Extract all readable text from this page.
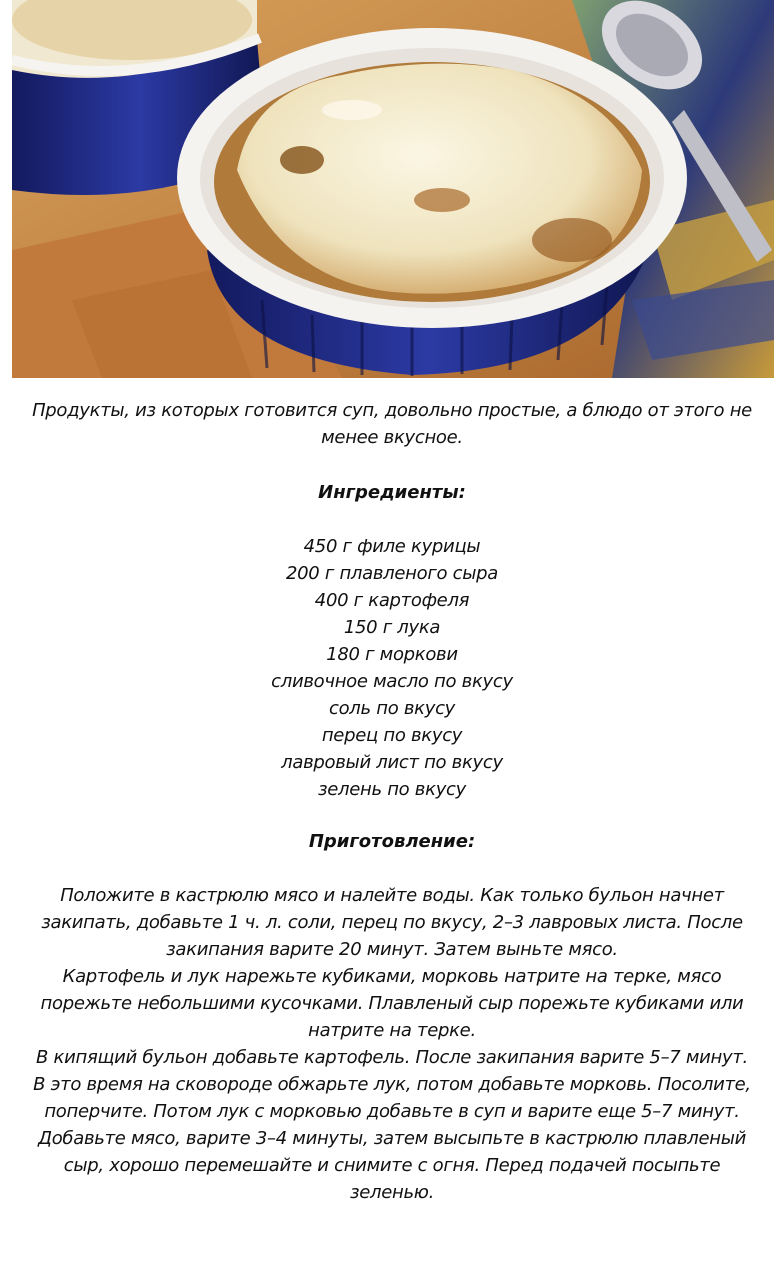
Продукты, из которых готовится суп, довольно простые, а блюдо от этого не менее вкусное.
Ингредиенты:
450 г филе курицы
200 г плавленого сыра
400 г картофеля
150 г лука
180 г моркови
сливочное масло по вкусу
соль по вкусу
перец по вкусу
лавровый лист по вкусу
зелень по вкусу
Приготовление:

Положите в кастрюлю мясо и налейте воды. Как только бульон начнет закипать, добавьте 1 ч. л. соли, перец по вкусу, 2–3 лавровых листа. После закипания варите 20 минут. Затем выньте мясо.

Картофель и лук нарежьте кубиками, морковь натрите на терке, мясо порежьте небольшими кусочками. Плавленый сыр порежьте кубиками или натрите на терке.

В кипящий бульон добавьте картофель. После закипания варите 5–7 минут.

В это время на сковороде обжарьте лук, потом добавьте морковь. Посолите, поперчите. Потом лук с морковью добавьте в суп и варите еще 5–7 минут.

Добавьте мясо, варите 3–4 минуты, затем высыпьте в кастрюлю плавленый сыр, хорошо перемешайте и снимите с огня. Перед подачей посыпьте зеленью.
